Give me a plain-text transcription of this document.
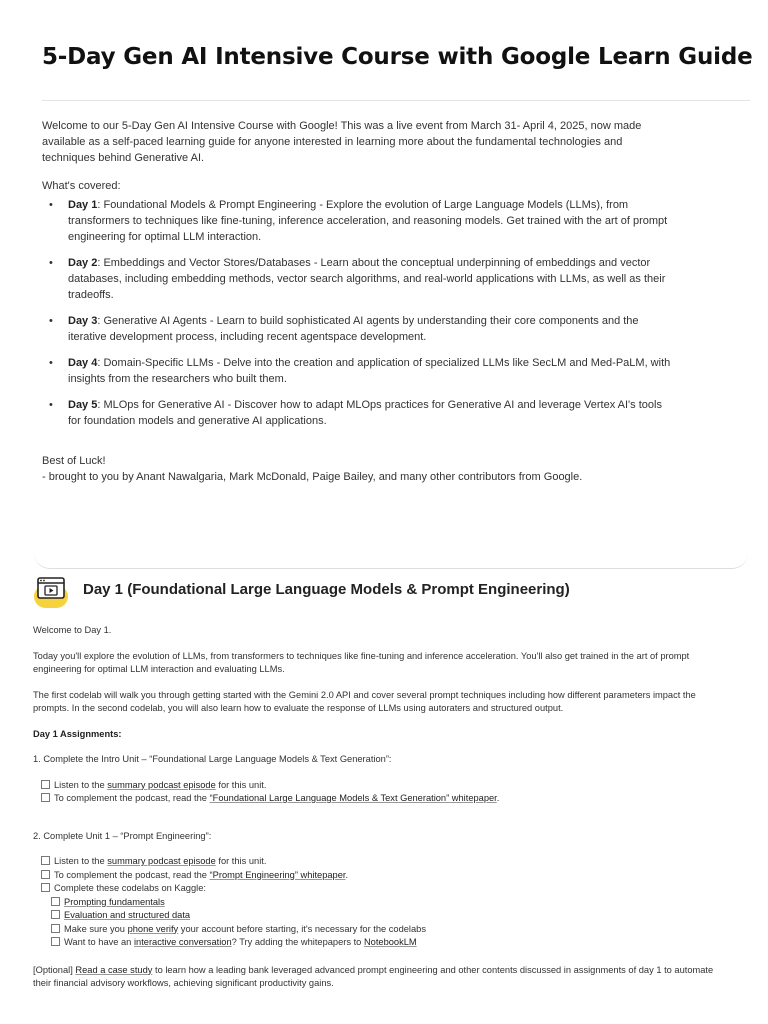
5-Day Gen AI Intensive Course with Google Learn Guide

Welcome to our 5-Day Gen AI Intensive Course with Google! This was a live event from March 31- April 4, 2025, now made available as a self-paced learning guide for anyone interested in learning more about the fundamental technologies and techniques behind Generative AI.

What's covered:

• Day 1: Foundational Models & Prompt Engineering - Explore the evolution of Large Language Models (LLMs), from transformers to techniques like fine-tuning, inference acceleration, and reasoning models. Get trained with the art of prompt engineering for optimal LLM interaction.
• Day 2: Embeddings and Vector Stores/Databases - Learn about the conceptual underpinning of embeddings and vector databases, including embedding methods, vector search algorithms, and real-world applications with LLMs, as well as their tradeoffs.
• Day 3: Generative AI Agents - Learn to build sophisticated AI agents by understanding their core components and the iterative development process, including recent agentspace development.
• Day 4: Domain-Specific LLMs - Delve into the creation and application of specialized LLMs like SecLM and Med-PaLM, with insights from the researchers who built them.
• Day 5: MLOps for Generative AI - Discover how to adapt MLOps practices for Generative AI and leverage Vertex AI's tools for foundation models and generative AI applications.

Best of Luck!

- brought to you by Anant Nawalgaria, Mark McDonald, Paige Bailey, and many other contributors from Google.

Day 1 (Foundational Large Language Models & Prompt Engineering)

Welcome to Day 1.

Today you'll explore the evolution of LLMs, from transformers to techniques like fine-tuning and inference acceleration. You'll also get trained in the art of prompt engineering for optimal LLM interaction and evaluating LLMs.

The first codelab will walk you through getting started with the Gemini 2.0 API and cover several prompt techniques including how different parameters impact the prompts. In the second codelab, you will also learn how to evaluate the response of LLMs using autoraters and structured output.

Day 1 Assignments:

1. Complete the Intro Unit – “Foundational Large Language Models & Text Generation”:

Listen to the summary podcast episode for this unit.
To complement the podcast, read the “Foundational Large Language Models & Text Generation” whitepaper.

2. Complete Unit 1 – “Prompt Engineering”:

Listen to the summary podcast episode for this unit.
To complement the podcast, read the “Prompt Engineering” whitepaper.
Complete these codelabs on Kaggle:
Prompting fundamentals
Evaluation and structured data
Make sure you phone verify your account before starting, it's necessary for the codelabs
Want to have an interactive conversation? Try adding the whitepapers to NotebookLM

[Optional] Read a case study to learn how a leading bank leveraged advanced prompt engineering and other contents discussed in assignments of day 1 to automate their financial advisory workflows, achieving significant productivity gains.
